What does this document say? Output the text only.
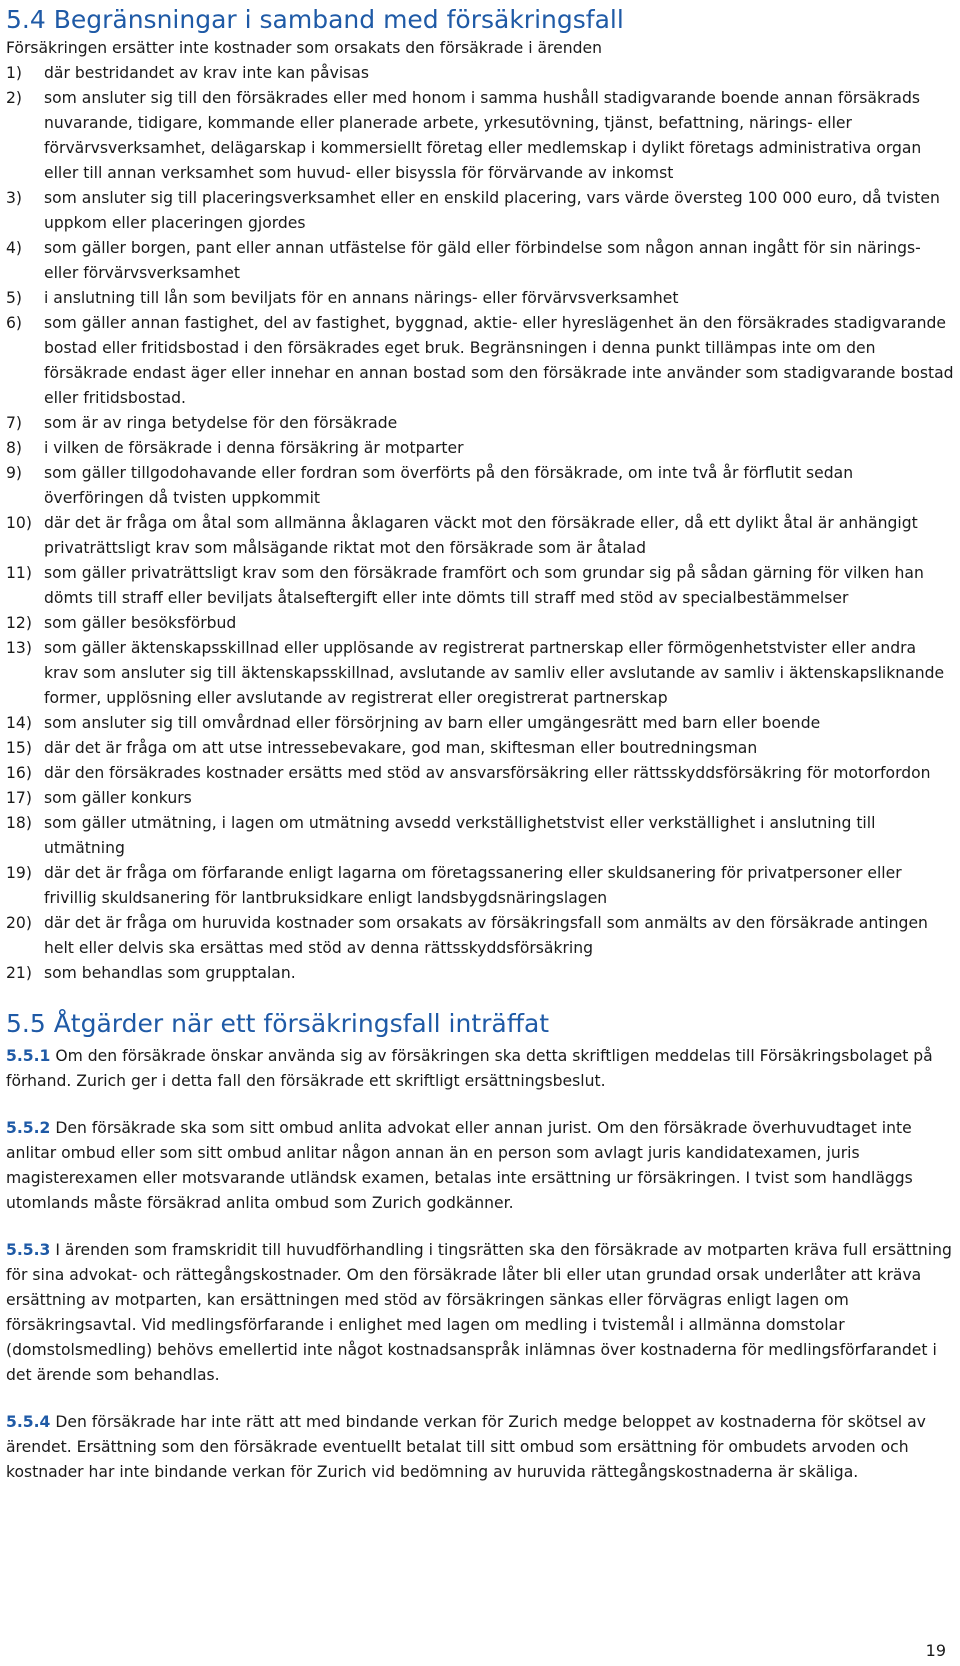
5.4 Begränsningar i samband med försäkringsfall

Försäkringen ersätter inte kostnader som orsakats den försäkrade i ärenden

1) där bestridandet av krav inte kan påvisas
2) som ansluter sig till den försäkrades eller med honom i samma hushåll stadigvarande boende annan försäkrads nuvarande, tidigare, kommande eller planerade arbete, yrkesutövning, tjänst, befattning, närings- eller förvärvsverksamhet, delägarskap i kommersiellt företag eller medlemskap i dylikt företags administrativa organ eller till annan verksamhet som huvud- eller bisyssla för förvärvande av inkomst
3) som ansluter sig till placeringsverksamhet eller en enskild placering, vars värde översteg 100 000 euro, då tvisten uppkom eller placeringen gjordes
4) som gäller borgen, pant eller annan utfästelse för gäld eller förbindelse som någon annan ingått för sin närings- eller förvärvsverksamhet
5) i anslutning till lån som beviljats för en annans närings- eller förvärvsverksamhet
6) som gäller annan fastighet, del av fastighet, byggnad, aktie- eller hyreslägenhet än den försäkrades stadigvarande bostad eller fritidsbostad i den försäkrades eget bruk. Begränsningen i denna punkt tillämpas inte om den försäkrade endast äger eller innehar en annan bostad som den försäkrade inte använder som stadigvarande bostad eller fritidsbostad.
7) som är av ringa betydelse för den försäkrade
8) i vilken de försäkrade i denna försäkring är motparter
9) som gäller tillgodohavande eller fordran som överförts på den försäkrade, om inte två år förflutit sedan överföringen då tvisten uppkommit
10) där det är fråga om åtal som allmänna åklagaren väckt mot den försäkrade eller, då ett dylikt åtal är anhängigt privaträttsligt krav som målsägande riktat mot den försäkrade som är åtalad
11) som gäller privaträttsligt krav som den försäkrade framfört och som grundar sig på sådan gärning för vilken han dömts till straff eller beviljats åtalseftergift eller inte dömts till straff med stöd av specialbestämmelser
12) som gäller besöksförbud
13) som gäller äktenskapsskillnad eller upplösande av registrerat partnerskap eller förmögenhetstvister eller andra krav som ansluter sig till äktenskapsskillnad, avslutande av samliv eller avslutande av samliv i äktenskapsliknande former, upplösning eller avslutande av registrerat eller oregistrerat partnerskap
14) som ansluter sig till omvårdnad eller försörjning av barn eller umgängesrätt med barn eller boende
15) där det är fråga om att utse intressebevakare, god man, skiftesman eller boutredningsman
16) där den försäkrades kostnader ersätts med stöd av ansvarsförsäkring eller rättsskyddsförsäkring för motorfordon
17) som gäller konkurs
18) som gäller utmätning, i lagen om utmätning avsedd verkställighetstvist eller verkställighet i anslutning till utmätning
19) där det är fråga om förfarande enligt lagarna om företagssanering eller skuldsanering för privatpersoner eller frivillig skuldsanering för lantbruksidkare enligt landsbygdsnäringslagen
20) där det är fråga om huruvida kostnader som orsakats av försäkringsfall som anmälts av den försäkrade antingen helt eller delvis ska ersättas med stöd av denna rättsskyddsförsäkring
21) som behandlas som grupptalan.
5.5 Åtgärder när ett försäkringsfall inträffat

5.5.1 Om den försäkrade önskar använda sig av försäkringen ska detta skriftligen meddelas till Försäkringsbolaget på förhand. Zurich ger i detta fall den försäkrade ett skriftligt ersättningsbeslut.

5.5.2 Den försäkrade ska som sitt ombud anlita advokat eller annan jurist. Om den försäkrade överhuvudtaget inte anlitar ombud eller som sitt ombud anlitar någon annan än en person som avlagt juris kandidatexamen, juris magisterexamen eller motsvarande utländsk examen, betalas inte ersättning ur försäkringen. I tvist som handläggs utomlands måste försäkrad anlita ombud som Zurich godkänner.

5.5.3 I ärenden som framskridit till huvudförhandling i tingsrätten ska den försäkrade av motparten kräva full ersättning för sina advokat- och rättegångskostnader. Om den försäkrade låter bli eller utan grundad orsak underlåter att kräva ersättning av motparten, kan ersättningen med stöd av försäkringen sänkas eller förvägras enligt lagen om försäkringsavtal. Vid medlingsförfarande i enlighet med lagen om medling i tvistemål i allmänna domstolar (domstolsmedling) behövs emellertid inte något kostnadsanspråk inlämnas över kostnaderna för medlingsförfarandet i det ärende som behandlas.

5.5.4 Den försäkrade har inte rätt att med bindande verkan för Zurich medge beloppet av kostnaderna för skötsel av ärendet. Ersättning som den försäkrade eventuellt betalat till sitt ombud som ersättning för ombudets arvoden och kostnader har inte bindande verkan för Zurich vid bedömning av huruvida rättegångskostnaderna är skäliga.

19
